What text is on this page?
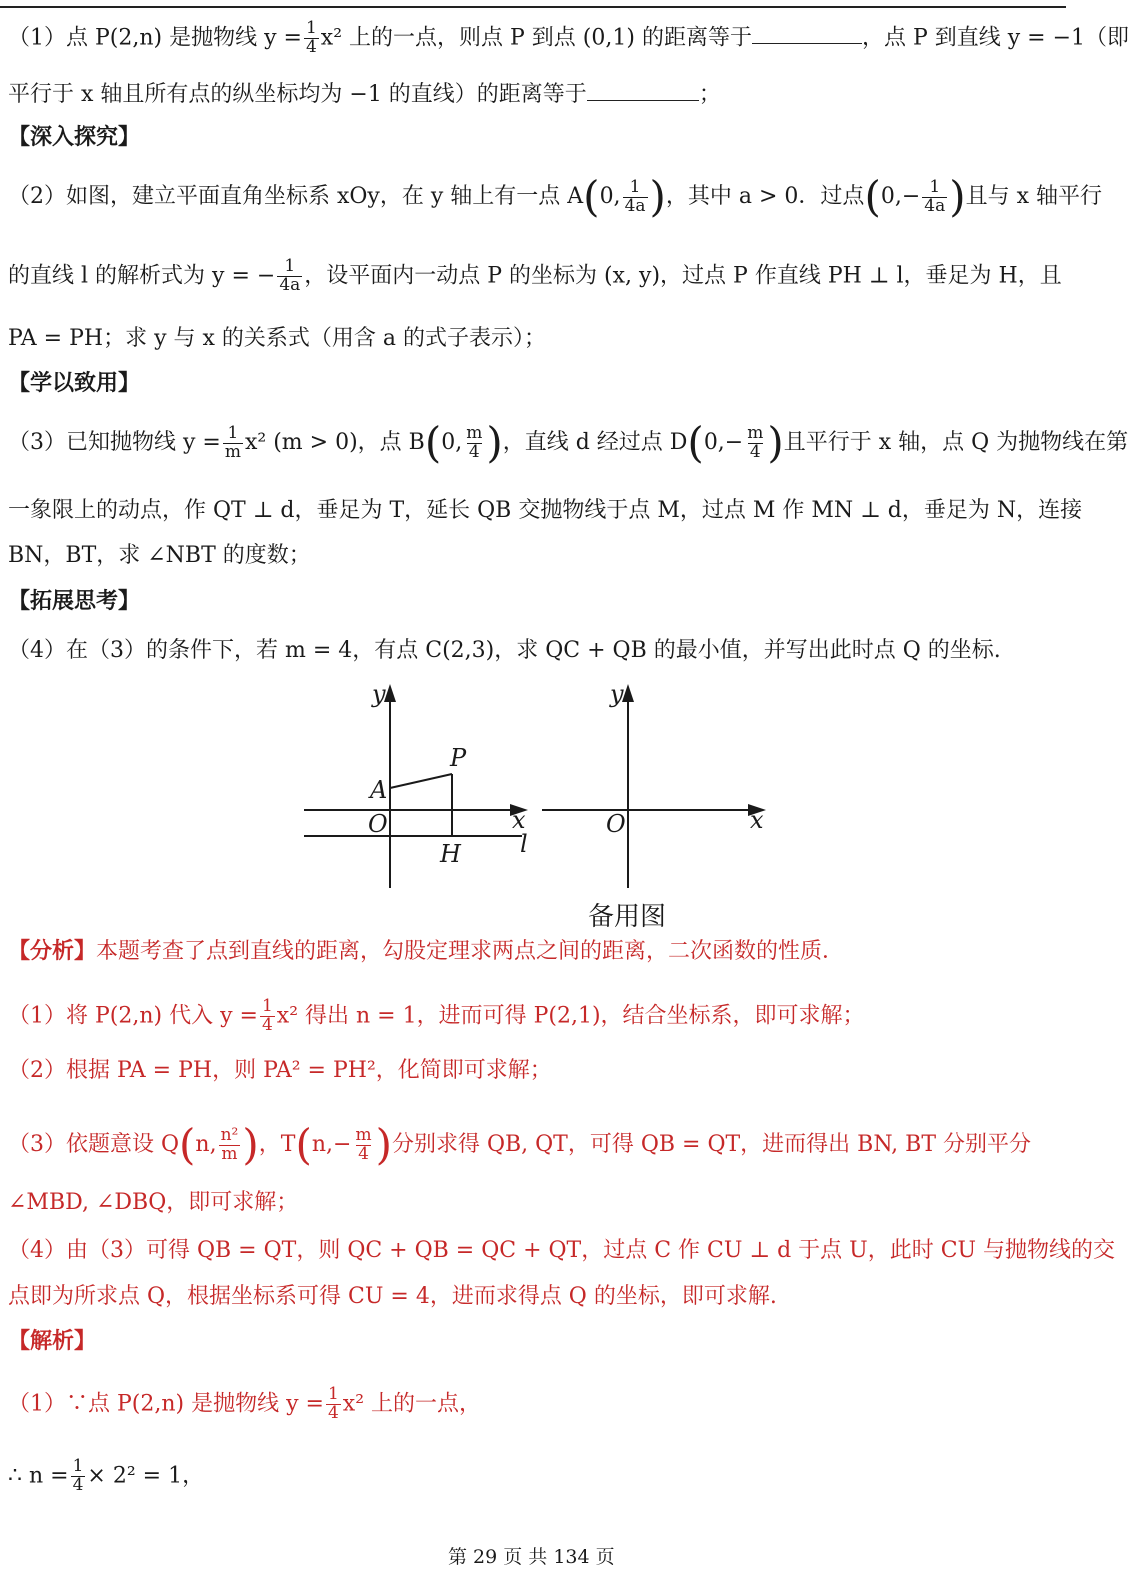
（1）点 P(2,n) 是抛物线 $y = \frac{1}{4} x^2$ 上的一点，则点 P 到点 (0,1) 的距离等于	，点 P 到直线 y = −1（即
平行于 x 轴且所有点的纵坐标均为 −1 的直线）的距离等于	；
【深入探究】
（2）如图，建立平面直角坐标系 xOy，在 y 轴上有一点 A(0, $\frac{1}{4a}$ )，其中 a > 0．过点($0,- \frac{1}{4a}$ )且与 x 轴平行
的直线 l 的解析式为 y = − $\frac{1}{4a}$ ，设平面内一动点 P 的坐标为 (x, y)，过点 P 作直线 PH ⊥ l，垂足为 H，且
PA = PH；求 y 与 x 的关系式（用含 a 的式子表示）；
【学以致用】
（3）已知抛物线 $y = \frac{1}{m} x^2$ (m > 0)，点 B(0, $\frac{m}{4}$ )，直线 d 经过点 $D(0,- \frac{m}{4}$ )且平行于 x 轴，点 Q 为抛物线在第
一象限上的动点，作 QT ⊥ d，垂足为 T，延长 QB 交抛物线于点 M，过点 M 作 MN ⊥ d，垂足为 N，连接
BN，BT，求 ∠NBT 的度数；
【拓展思考】
（4）在（3）的条件下，若 m = 4，有点 C(2,3)，求 QC + QB 的最小值，并写出此时点 Q 的坐标.
y
P
A
O	x
H l
y
O	x
备用图
【分析】本题考查了点到直线的距离，勾股定理求两点之间的距离，二次函数的性质．
（1）将 P(2,n) 代入 $y = \frac{1}{4} x^2$ 得出 n = 1，进而可得 P(2,1)，结合坐标系，即可求解；
（2）根据 PA = PH，则 PA² = PH²，化简即可求解；
（3）依题意设 Q(n, $\frac{\text{n²}}{m}$ )，$T(n,- \frac{m}{4}$ )分别求得 QB, QT，可得 QB = QT，进而得出 BN, BT 分别平分
∠MBD, ∠DBQ，即可求解；
（4）由（3）可得 QB = QT，则 QC + QB = QC + QT，过点 C 作 CU ⊥ d 于点 U，此时 CU 与抛物线的交
点即为所求点 Q，根据坐标系可得 CU = 4，进而求得点 Q 的坐标，即可求解.
【解析】
（1）∵点 P(2,n) 是抛物线 $y = \frac{1}{4} x^2$ 上的一点，
∴ $n = \frac{1}{4} \times 2^2 = 1$，
第 29 页 共 134 页
